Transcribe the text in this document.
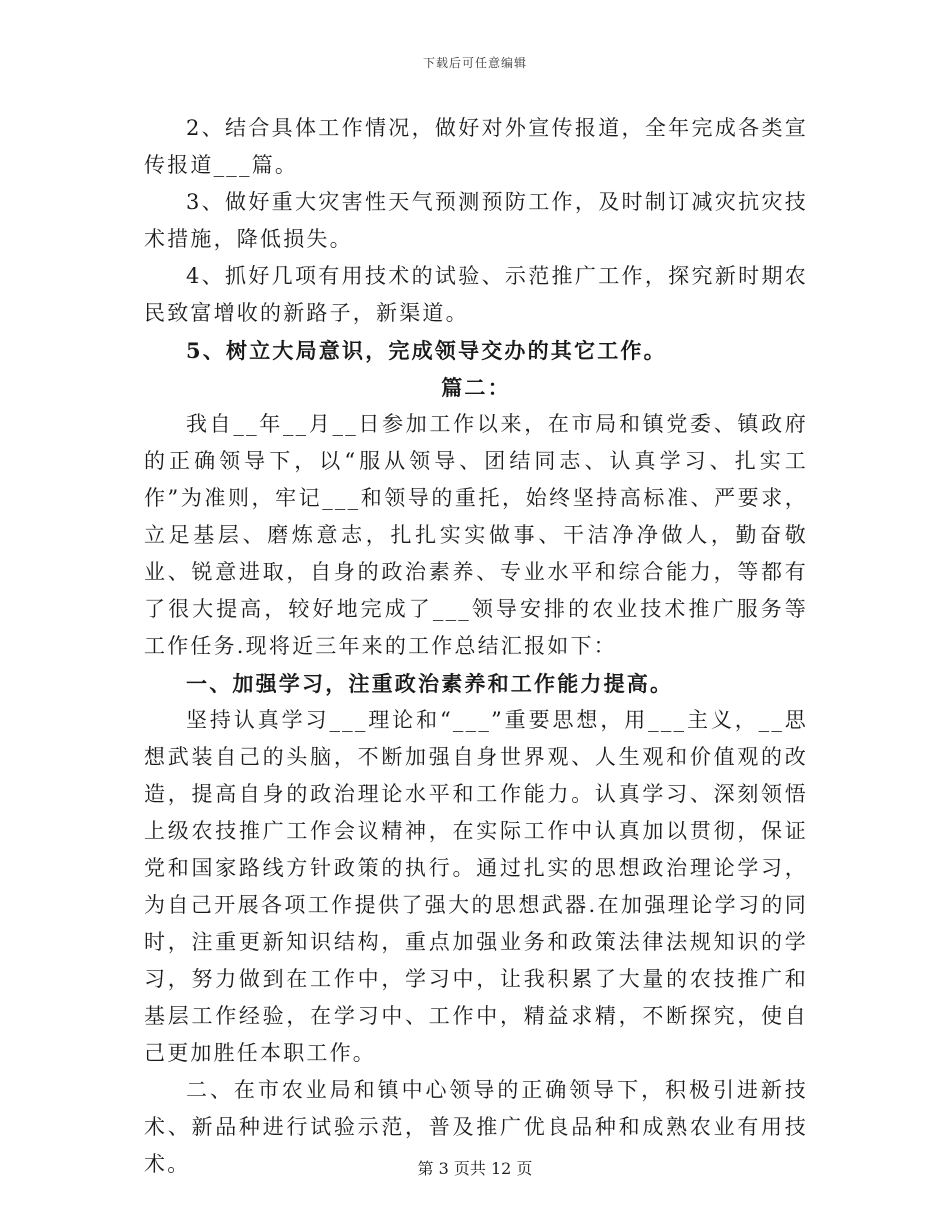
下载后可任意编辑

2、结合具体工作情况，做好对外宣传报道，全年完成各类宣传报道___篇。

3、做好重大灾害性天气预测预防工作，及时制订减灾抗灾技术措施，降低损失。

4、抓好几项有用技术的试验、示范推广工作，探究新时期农民致富增收的新路子，新渠道。

5、树立大局意识，完成领导交办的其它工作。

篇二：

我自__年__月__日参加工作以来，在市局和镇党委、镇政府的正确领导下，以“服从领导、团结同志、认真学习、扎实工作”为准则，牢记___和领导的重托，始终坚持高标准、严要求，立足基层、磨炼意志，扎扎实实做事、干洁净净做人，勤奋敬业、锐意进取，自身的政治素养、专业水平和综合能力，等都有了很大提高，较好地完成了___领导安排的农业技术推广服务等工作任务.现将近三年来的工作总结汇报如下：

一、加强学习，注重政治素养和工作能力提高。

坚持认真学习___理论和“___”重要思想，用___主义，__思想武装自己的头脑，不断加强自身世界观、人生观和价值观的改造，提高自身的政治理论水平和工作能力。认真学习、深刻领悟上级农技推广工作会议精神，在实际工作中认真加以贯彻，保证党和国家路线方针政策的执行。通过扎实的思想政治理论学习，为自己开展各项工作提供了强大的思想武器.在加强理论学习的同时，注重更新知识结构，重点加强业务和政策法律法规知识的学习，努力做到在工作中，学习中，让我积累了大量的农技推广和基层工作经验，在学习中、工作中，精益求精，不断探究，使自己更加胜任本职工作。

二、在市农业局和镇中心领导的正确领导下，积极引进新技术、新品种进行试验示范，普及推广优良品种和成熟农业有用技术。	第 3 页共 12 页
